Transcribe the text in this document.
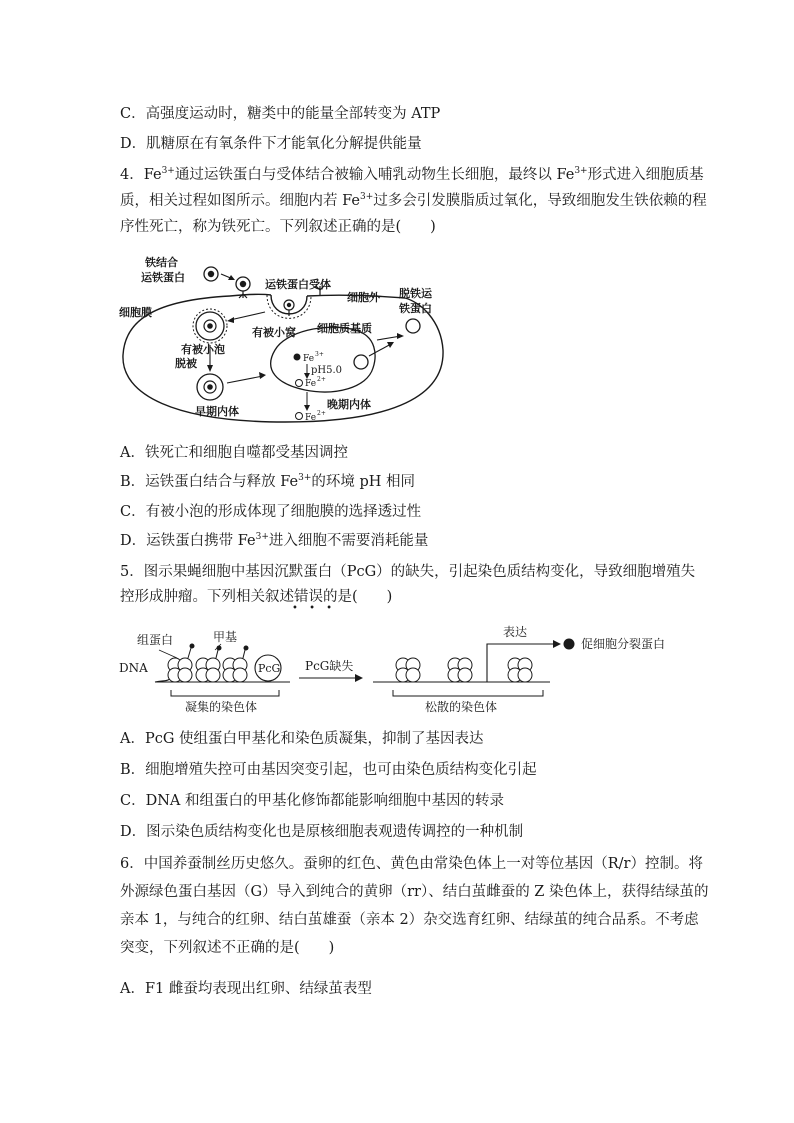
C．高强度运动时，糖类中的能量全部转变为 ATP
D．肌糖原在有氧条件下才能氧化分解提供能量
4．$Fe^{3+}$通过运铁蛋白与受体结合被输入哺乳动物生长细胞，最终以 $Fe^{3+}$形式进入细胞质基
质，相关过程如图所示。细胞内若 $Fe^{3+}$过多会引发膜脂质过氧化，导致细胞发生铁依赖的程
序性死亡，称为铁死亡。下列叙述正确的是(　　)
Fe 3+
pH5.0
Fe 2+
Fe 2+
铁结合
运铁蛋白
运铁蛋白受体
细胞外 脱铁运
铁蛋白
细胞膜
有被小窝 细胞质基质
有被小泡
脱被
早期内体
晚期内体
A．铁死亡和细胞自噬都受基因调控
B．运铁蛋白结合与释放 $Fe^{3+}$的环境 pH 相同
C．有被小泡的形成体现了细胞膜的选择透过性
D．运铁蛋白携带 $Fe^{3+}$进入细胞不需要消耗能量
5．图示果蝇细胞中基因沉默蛋白（PcG）的缺失，引起染色质结构变化，导致细胞增殖失
控形成肿瘤。下列相关叙述错误的是(　　)
• • •
PcG
凝集的染色体
组蛋白	甲基
DNA	PcG缺失
表达
促细胞分裂蛋白
松散的染色体
A．PcG 使组蛋白甲基化和染色质凝集，抑制了基因表达
B．细胞增殖失控可由基因突变引起，也可由染色质结构变化引起
C．DNA 和组蛋白的甲基化修饰都能影响细胞中基因的转录
D．图示染色质结构变化也是原核细胞表观遗传调控的一种机制
6．中国养蚕制丝历史悠久。蚕卵的红色、黄色由常染色体上一对等位基因（R/r）控制。将
外源绿色蛋白基因（G）导入到纯合的黄卵（rr）、结白茧雌蚕的 Z 染色体上，获得结绿茧的
亲本 1，与纯合的红卵、结白茧雄蚕（亲本 2）杂交选育红卵、结绿茧的纯合品系。不考虑
突变，下列叙述不正确的是(　　)
A．F1 雌蚕均表现出红卵、结绿茧表型
